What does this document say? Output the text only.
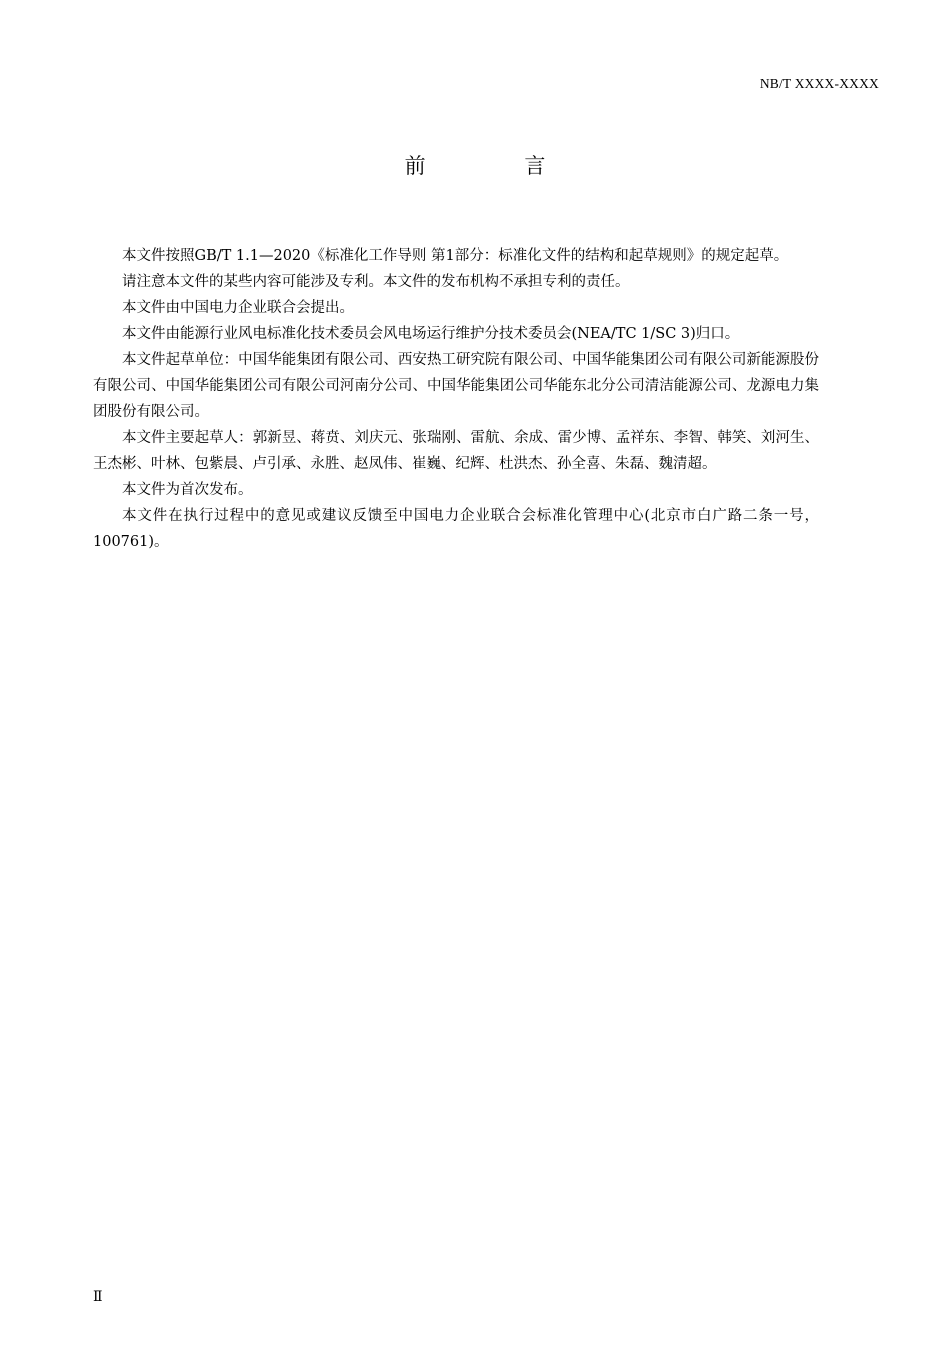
NB/T XXXX-XXXX
前 言

本文件按照GB/T 1.1—2020《标准化工作导则 第1部分：标准化文件的结构和起草规则》的规定起草。

请注意本文件的某些内容可能涉及专利。本文件的发布机构不承担专利的责任。

本文件由中国电力企业联合会提出。

本文件由能源行业风电标准化技术委员会风电场运行维护分技术委员会(NEA/TC 1/SC 3)归口。

本文件起草单位：中国华能集团有限公司、西安热工研究院有限公司、中国华能集团公司有限公司新能源股份有限公司、中国华能集团公司有限公司河南分公司、中国华能集团公司华能东北分公司清洁能源公司、龙源电力集团股份有限公司。

本文件主要起草人：郭新昱、蒋贲、刘庆元、张瑞刚、雷航、余成、雷少博、孟祥东、李智、韩笑、刘河生、王杰彬、叶林、包紫晨、卢引承、永胜、赵凤伟、崔巍、纪辉、杜洪杰、孙全喜、朱磊、魏清超。

本文件为首次发布。

本文件在执行过程中的意见或建议反馈至中国电力企业联合会标准化管理中心(北京市白广路二条一号，100761)。

Ⅱ
